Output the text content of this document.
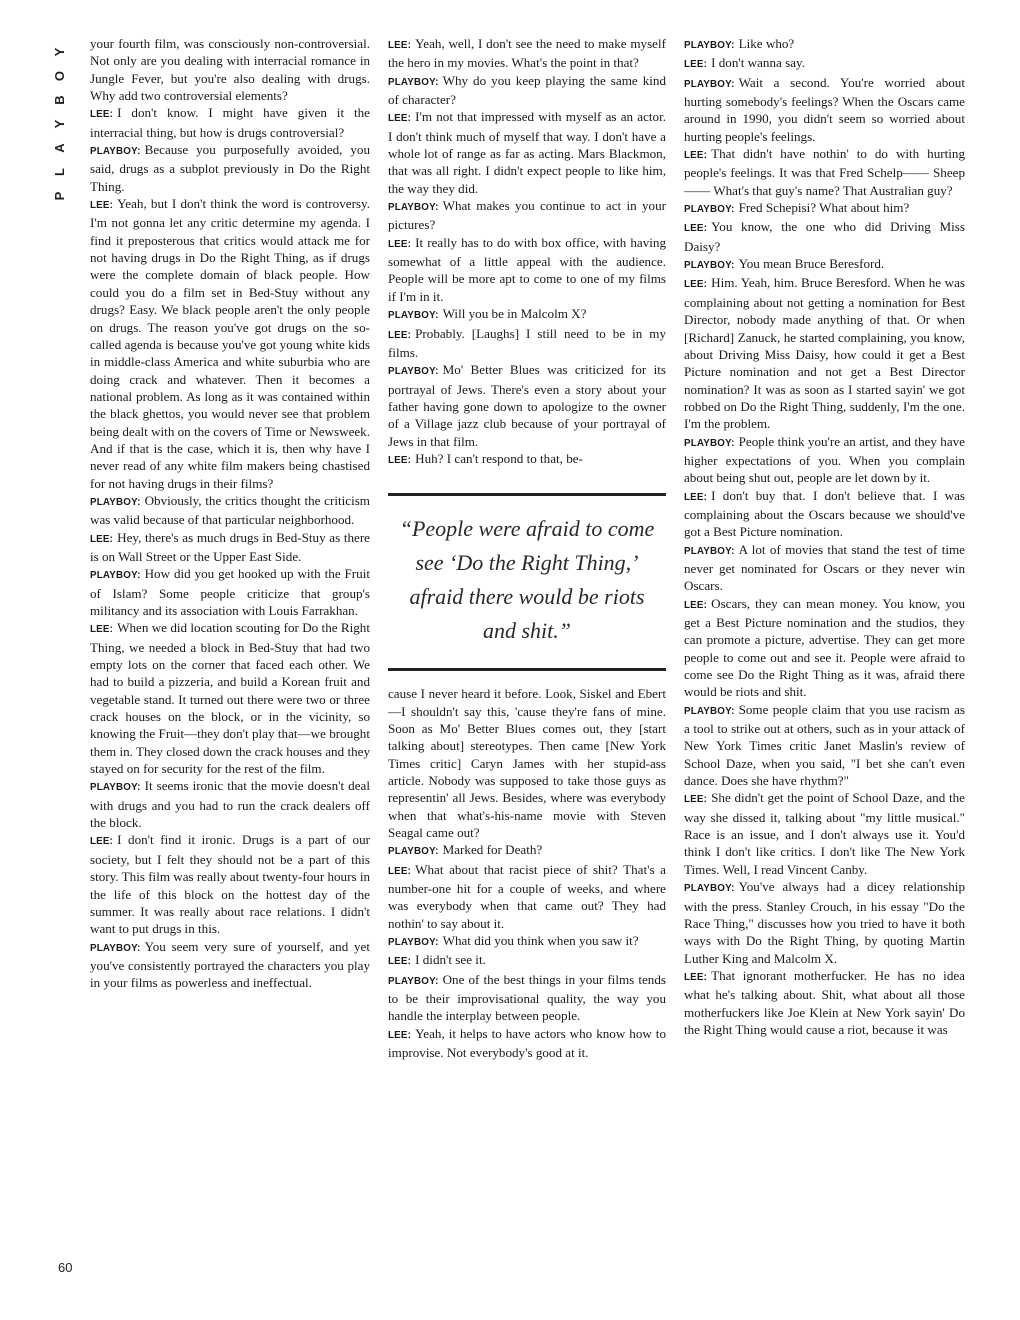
Y
O
B
Y
A
L
P
60

your fourth film, was consciously non-controversial. Not only are you dealing with interracial romance in Jungle Fever, but you're also dealing with drugs. Why add two controversial elements?

LEE: I don't know. I might have given it the interracial thing, but how is drugs controversial?

PLAYBOY: Because you purposefully avoided, you said, drugs as a subplot previously in Do the Right Thing.

LEE: Yeah, but I don't think the word is controversy. I'm not gonna let any critic determine my agenda. I find it preposterous that critics would attack me for not having drugs in Do the Right Thing, as if drugs were the complete domain of black people. How could you do a film set in Bed-Stuy without any drugs? Easy. We black people aren't the only people on drugs. The reason you've got drugs on the so-called agenda is because you've got young white kids in middle-class America and white suburbia who are doing crack and whatever. Then it becomes a national problem. As long as it was contained within the black ghettos, you would never see that problem being dealt with on the covers of Time or Newsweek. And if that is the case, which it is, then why have I never read of any white film makers being chastised for not having drugs in their films?

PLAYBOY: Obviously, the critics thought the criticism was valid because of that particular neighborhood.

LEE: Hey, there's as much drugs in Bed-Stuy as there is on Wall Street or the Upper East Side.

PLAYBOY: How did you get hooked up with the Fruit of Islam? Some people criticize that group's militancy and its association with Louis Farrakhan.

LEE: When we did location scouting for Do the Right Thing, we needed a block in Bed-Stuy that had two empty lots on the corner that faced each other. We had to build a pizzeria, and build a Korean fruit and vegetable stand. It turned out there were two or three crack houses on the block, or in the vicinity, so knowing the Fruit—they don't play that—we brought them in. They closed down the crack houses and they stayed on for security for the rest of the film.

PLAYBOY: It seems ironic that the movie doesn't deal with drugs and you had to run the crack dealers off the block.

LEE: I don't find it ironic. Drugs is a part of our society, but I felt they should not be a part of this story. This film was really about twenty-four hours in the life of this block on the hottest day of the summer. It was really about race relations. I didn't want to put drugs in this.

PLAYBOY: You seem very sure of yourself, and yet you've consistently portrayed the characters you play in your films as powerless and ineffectual.

LEE: Yeah, well, I don't see the need to make myself the hero in my movies. What's the point in that?

PLAYBOY: Why do you keep playing the same kind of character?

LEE: I'm not that impressed with myself as an actor. I don't think much of myself that way. I don't have a whole lot of range as far as acting. Mars Blackmon, that was all right. I didn't expect people to like him, the way they did.

PLAYBOY: What makes you continue to act in your pictures?

LEE: It really has to do with box office, with having somewhat of a little appeal with the audience. People will be more apt to come to one of my films if I'm in it.

PLAYBOY: Will you be in Malcolm X?

LEE: Probably. [Laughs] I still need to be in my films.

PLAYBOY: Mo' Better Blues was criticized for its portrayal of Jews. There's even a story about your father having gone down to apologize to the owner of a Village jazz club because of your portrayal of Jews in that film.

LEE: Huh? I can't respond to that, be-

“People were afraid to come see ‘Do the Right Thing,’ afraid there would be riots and shit.”

cause I never heard it before. Look, Siskel and Ebert—I shouldn't say this, 'cause they're fans of mine. Soon as Mo' Better Blues comes out, they [start talking about] stereotypes. Then came [New York Times critic] Caryn James with her stupid-ass article. Nobody was supposed to take those guys as representin' all Jews. Besides, where was everybody when that what's-his-name movie with Steven Seagal came out?

PLAYBOY: Marked for Death?

LEE: What about that racist piece of shit? That's a number-one hit for a couple of weeks, and where was everybody when that came out? They had nothin' to say about it.

PLAYBOY: What did you think when you saw it?

LEE: I didn't see it.

PLAYBOY: One of the best things in your films tends to be their improvisational quality, the way you handle the interplay between people.

LEE: Yeah, it helps to have actors who know how to improvise. Not everybody's good at it.

PLAYBOY: Like who?

LEE: I don't wanna say.

PLAYBOY: Wait a second. You're worried about hurting somebody's feelings? When the Oscars came around in 1990, you didn't seem so worried about hurting people's feelings.

LEE: That didn't have nothin' to do with hurting people's feelings. It was that Fred Schelp—— Sheep—— What's that guy's name? That Australian guy?

PLAYBOY: Fred Schepisi? What about him?

LEE: You know, the one who did Driving Miss Daisy?

PLAYBOY: You mean Bruce Beresford.

LEE: Him. Yeah, him. Bruce Beresford. When he was complaining about not getting a nomination for Best Director, nobody made anything of that. Or when [Richard] Zanuck, he started complaining, you know, about Driving Miss Daisy, how could it get a Best Picture nomination and not get a Best Director nomination? It was as soon as I started sayin' we got robbed on Do the Right Thing, suddenly, I'm the one. I'm the problem.

PLAYBOY: People think you're an artist, and they have higher expectations of you. When you complain about being shut out, people are let down by it.

LEE: I don't buy that. I don't believe that. I was complaining about the Oscars because we should've got a Best Picture nomination.

PLAYBOY: A lot of movies that stand the test of time never get nominated for Oscars or they never win Oscars.

LEE: Oscars, they can mean money. You know, you get a Best Picture nomination and the studios, they can promote a picture, advertise. They can get more people to come out and see it. People were afraid to come see Do the Right Thing as it was, afraid there would be riots and shit.

PLAYBOY: Some people claim that you use racism as a tool to strike out at others, such as in your attack of New York Times critic Janet Maslin's review of School Daze, when you said, "I bet she can't even dance. Does she have rhythm?"

LEE: She didn't get the point of School Daze, and the way she dissed it, talking about "my little musical." Race is an issue, and I don't always use it. You'd think I don't like critics. I don't like The New York Times. Well, I read Vincent Canby.

PLAYBOY: You've always had a dicey relationship with the press. Stanley Crouch, in his essay "Do the Race Thing," discusses how you tried to have it both ways with Do the Right Thing, by quoting Martin Luther King and Malcolm X.

LEE: That ignorant motherfucker. He has no idea what he's talking about. Shit, what about all those motherfuckers like Joe Klein at New York sayin' Do the Right Thing would cause a riot, because it was
